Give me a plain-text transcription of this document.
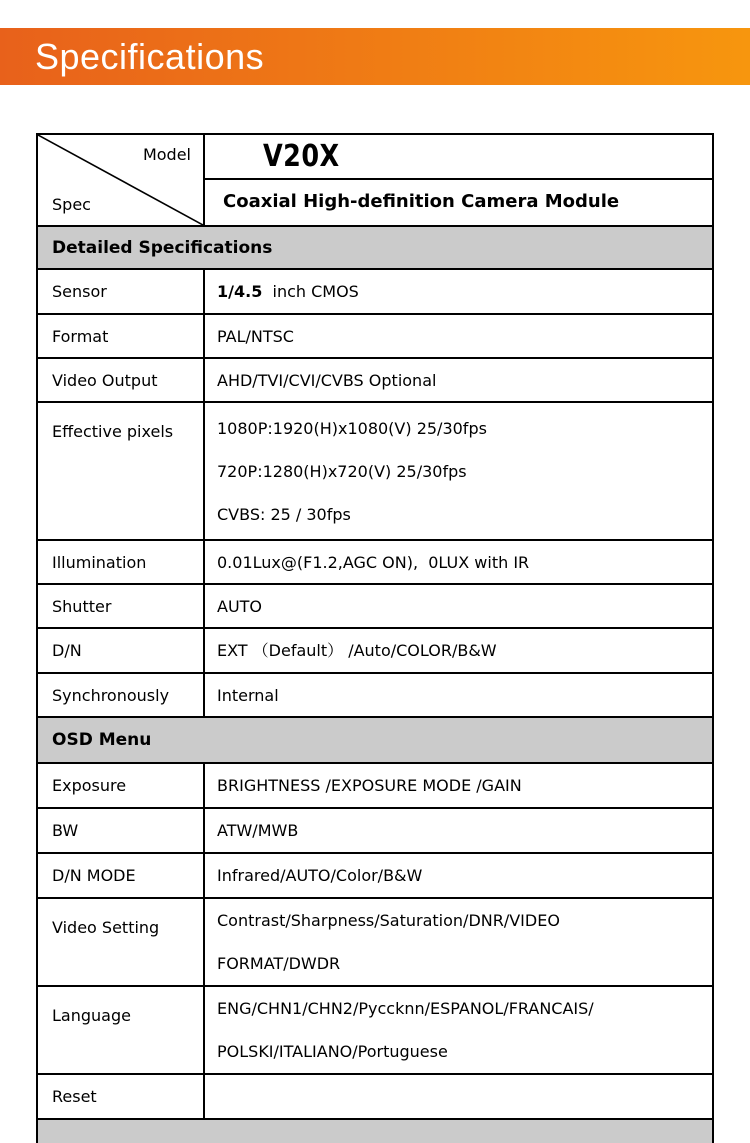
Specifications
Model
Spec
V20X
Coaxial High-definition Camera Module
Detailed Specifications
Sensor	1/4.5  inch CMOS
Format	PAL/NTSC
Video Output	AHD/TVI/CVI/CVBS Optional
Effective pixels	1080P:1920(H)x1080(V) 25/30fps
720P:1280(H)x720(V) 25/30fps
CVBS: 25 / 30fps
Illumination	0.01Lux@(F1.2,AGC ON),  0LUX with IR
Shutter	AUTO
D/N	EXT （Default） /Auto/COLOR/B&W
Synchronously	Internal
OSD Menu
Exposure	BRIGHTNESS /EXPOSURE MODE /GAIN
BW	ATW/MWB
D/N MODE	Infrared/AUTO/Color/B&W
Video Setting	Contrast/Sharpness/Saturation/DNR/VIDEO
FORMAT/DWDR
Language	ENG/CHN1/CHN2/Pyccknn/ESPANOL/FRANCAIS/
POLSKI/ITALIANO/Portuguese
Reset
